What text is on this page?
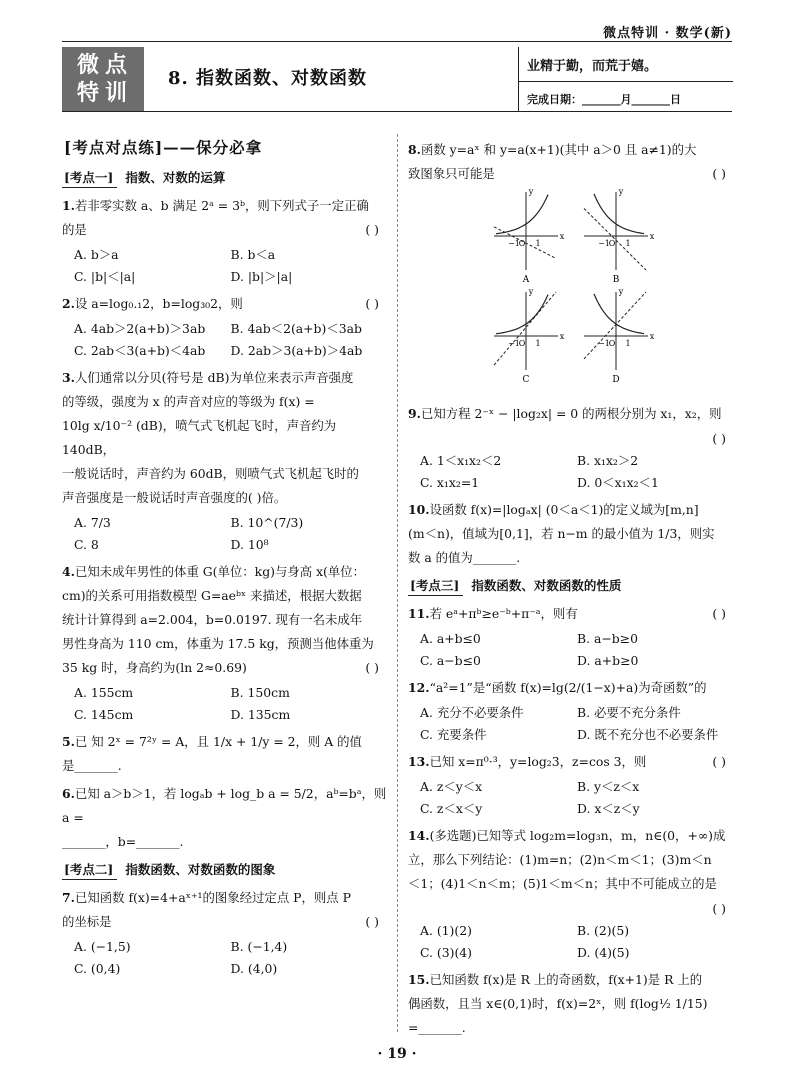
微点特训 · 数学(新)
微点
特训
8. 指数函数、对数函数
业精于勤，而荒于嬉。
完成日期：_______月_______日
[考点对点练]——保分必拿
[考点一] 指数、对数的运算
1.若非零实数 a、b 满足 2ᵃ = 3ᵇ，则下列式子一定正确
的是	( )
A. b＞a	B. b＜a
C. |b|＜|a|	D. |b|＞|a|
2.设 a=log₀.₁2，b=log₃₀2，则	( )
A. 4ab＞2(a+b)＞3ab	B. 4ab＜2(a+b)＜3ab
C. 2ab＜3(a+b)＜4ab	D. 2ab＞3(a+b)＞4ab
3.人们通常以分贝(符号是 dB)为单位来表示声音强度
的等级，强度为 x 的声音对应的等级为 f(x) =
10lg x/10⁻² (dB)，喷气式飞机起飞时，声音约为 140dB，
一般说话时，声音约为 60dB，则喷气式飞机起飞时的
声音强度是一般说话时声音强度的( )倍。
A. 7/3	B. 10^(7/3)
C. 8	D. 10⁸
4.已知未成年男性的体重 G(单位：kg)与身高 x(单位：
cm)的关系可用指数模型 G=aeᵇˣ 来描述，根据大数据
统计计算得到 a=2.004，b=0.0197. 现有一名未成年
男性身高为 110 cm，体重为 17.5 kg，预测当他体重为
35 kg 时，身高约为(ln 2≈0.69)	( )
A. 155cm	B. 150cm
C. 145cm	D. 135cm
5.已 知 2ˣ = 7²ʸ = A，且 1/x + 1/y = 2，则 A 的值
是_______.
6.已知 a＞b＞1，若 logₐb + log_b a = 5/2，aᵇ=bᵃ，则 a =
_______，b=_______.
[考点二] 指数函数、对数函数的图象
7.已知函数 f(x)=4+aˣ⁺¹的图象经过定点 P，则点 P
的坐标是	( )
A. (−1,5)	B. (−1,4)
C. (0,4)	D. (4,0)
8.函数 y=aˣ 和 y=a(x+1)(其中 a＞0 且 a≠1)的大
致图象只可能是	( )
x
y
−1
O 1
A
x
y
−1
O 1
B
x
y
−1
O 1
C
x
y
−1
O 1
D
9.已知方程 2⁻ˣ − |log₂x| = 0 的两根分别为 x₁，x₂，则
( )
A. 1＜x₁x₂＜2	B. x₁x₂＞2
C. x₁x₂=1	D. 0＜x₁x₂＜1
10.设函数 f(x)=|logₐx| (0＜a＜1)的定义域为[m,n]
(m＜n)，值域为[0,1]，若 n−m 的最小值为 1/3，则实
数 a 的值为_______.
[考点三] 指数函数、对数函数的性质
11.若 eᵃ+πᵇ≥e⁻ᵇ+π⁻ᵃ，则有	( )
A. a+b≤0	B. a−b≥0
C. a−b≤0	D. a+b≥0
12.“a²=1”是“函数 f(x)=lg(2/(1−x)+a)为奇函数”的
A. 充分不必要条件	B. 必要不充分条件
C. 充要条件	D. 既不充分也不必要条件
13.已知 x=π⁰·³，y=log₂3，z=cos 3，则	( )
A. z＜y＜x	B. y＜z＜x
C. z＜x＜y	D. x＜z＜y
14.(多选题)已知等式 log₂m=log₃n，m，n∈(0，+∞)成
立，那么下列结论：(1)m=n；(2)n＜m＜1；(3)m＜n
＜1；(4)1＜n＜m；(5)1＜m＜n；其中不可能成立的是
( )
A. (1)(2)	B. (2)(5)
C. (3)(4)	D. (4)(5)
15.已知函数 f(x)是 R 上的奇函数，f(x+1)是 R 上的
偶函数，且当 x∈(0,1)时，f(x)=2ˣ，则 f(log½ 1/15)
=_______.
· 19 ·
